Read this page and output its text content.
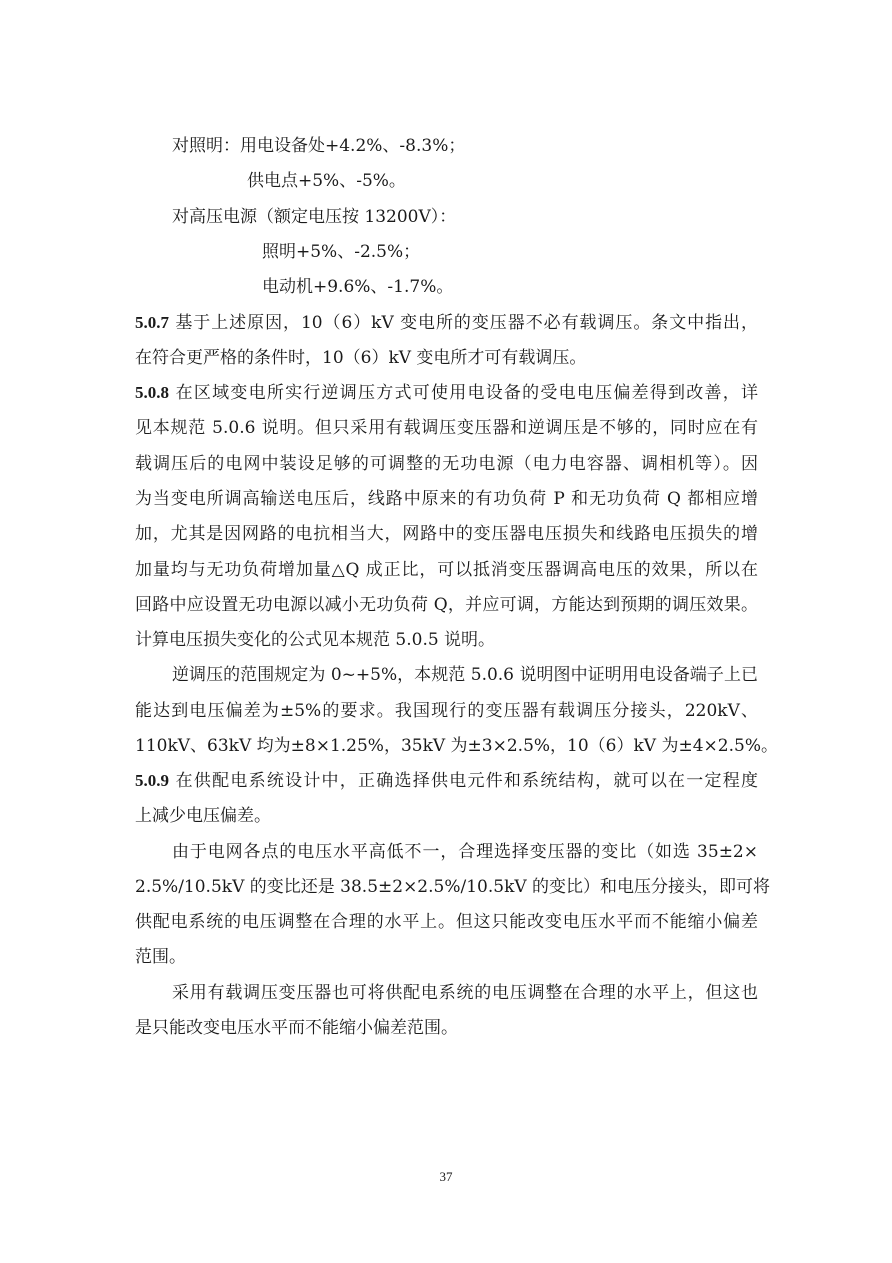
对照明：用电设备处+4.2%、-8.3%；
供电点+5%、-5%。
对高压电源（额定电压按 13200V）：
照明+5%、-2.5%；
电动机+9.6%、-1.7%。
5.0.7 基于上述原因，10（6）kV 变电所的变压器不必有载调压。条文中指出，
在符合更严格的条件时，10（6）kV 变电所才可有载调压。
5.0.8 在区域变电所实行逆调压方式可使用电设备的受电电压偏差得到改善，详
见本规范 5.0.6 说明。但只采用有载调压变压器和逆调压是不够的，同时应在有
载调压后的电网中装设足够的可调整的无功电源（电力电容器、调相机等）。因
为当变电所调高输送电压后，线路中原来的有功负荷 P 和无功负荷 Q 都相应增
加，尤其是因网路的电抗相当大，网路中的变压器电压损失和线路电压损失的增
加量均与无功负荷增加量△Q 成正比，可以抵消变压器调高电压的效果，所以在
回路中应设置无功电源以减小无功负荷 Q，并应可调，方能达到预期的调压效果。
计算电压损失变化的公式见本规范 5.0.5 说明。
逆调压的范围规定为 0~+5%，本规范 5.0.6 说明图中证明用电设备端子上已
能达到电压偏差为±5%的要求。我国现行的变压器有载调压分接头，220kV、
110kV、63kV 均为±8×1.25%，35kV 为±3×2.5%，10（6）kV 为±4×2.5%。
5.0.9 在供配电系统设计中，正确选择供电元件和系统结构，就可以在一定程度
上减少电压偏差。
由于电网各点的电压水平高低不一，合理选择变压器的变比（如选 35±2×
2.5%/10.5kV 的变比还是 38.5±2×2.5%/10.5kV 的变比）和电压分接头，即可将
供配电系统的电压调整在合理的水平上。但这只能改变电压水平而不能缩小偏差
范围。
采用有载调压变压器也可将供配电系统的电压调整在合理的水平上，但这也
是只能改变电压水平而不能缩小偏差范围。
37
